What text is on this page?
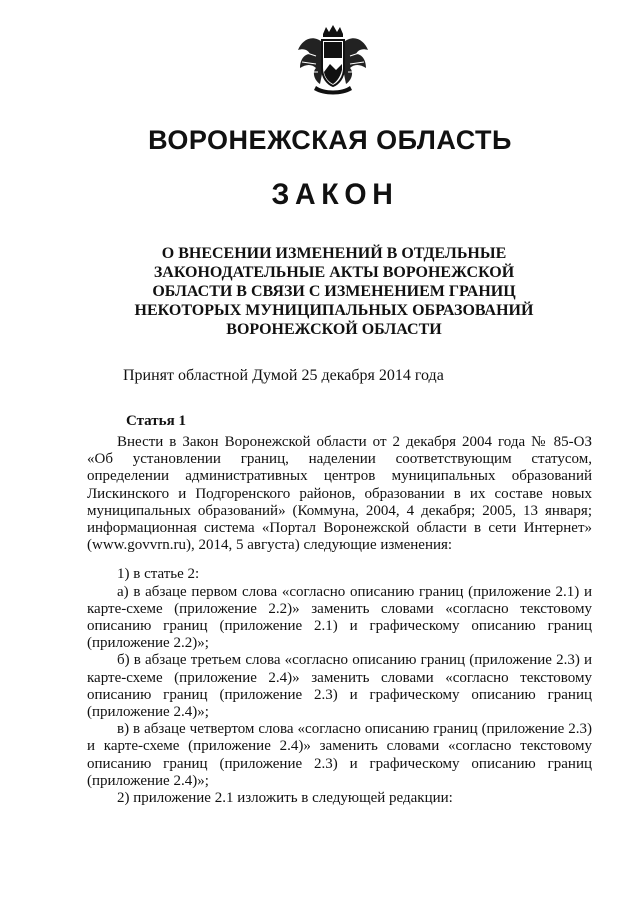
ВОРОНЕЖСКАЯ ОБЛАСТЬ
ЗАКОН
О ВНЕСЕНИИ ИЗМЕНЕНИЙ В ОТДЕЛЬНЫЕ
ЗАКОНОДАТЕЛЬНЫЕ АКТЫ ВОРОНЕЖСКОЙ
ОБЛАСТИ В СВЯЗИ С ИЗМЕНЕНИЕМ ГРАНИЦ
НЕКОТОРЫХ МУНИЦИПАЛЬНЫХ ОБРАЗОВАНИЙ
ВОРОНЕЖСКОЙ ОБЛАСТИ
Принят областной Думой 25 декабря 2014 года
Статья 1

Внести в Закон Воронежской области от 2 декабря 2004 года № 85-ОЗ «Об установлении границ, наделении соответствующим статусом, определении административных центров муниципальных образований Лискинского и Подгоренского районов, образовании в их составе новых муниципальных образований» (Коммуна, 2004, 4 декабря; 2005, 13 января; информационная система «Портал Воронежской области в сети Интернет» (www.govvrn.ru), 2014, 5 августа) следующие изменения:

1) в статье 2:

а) в абзаце первом слова «согласно описанию границ (приложение 2.1) и карте-схеме (приложение 2.2)» заменить словами «согласно текстовому описанию границ (приложение 2.1) и графическому описанию границ (приложение 2.2)»;

б) в абзаце третьем слова «согласно описанию границ (приложение 2.3) и карте-схеме (приложение 2.4)» заменить словами «согласно текстовому описанию границ (приложение 2.3) и графическому описанию границ (приложение 2.4)»;

в) в абзаце четвертом слова «согласно описанию границ (приложение 2.3) и карте-схеме (приложение 2.4)» заменить словами «согласно текстовому описанию границ (приложение 2.3) и графическому описанию границ (приложение 2.4)»;

2) приложение 2.1 изложить в следующей редакции:
